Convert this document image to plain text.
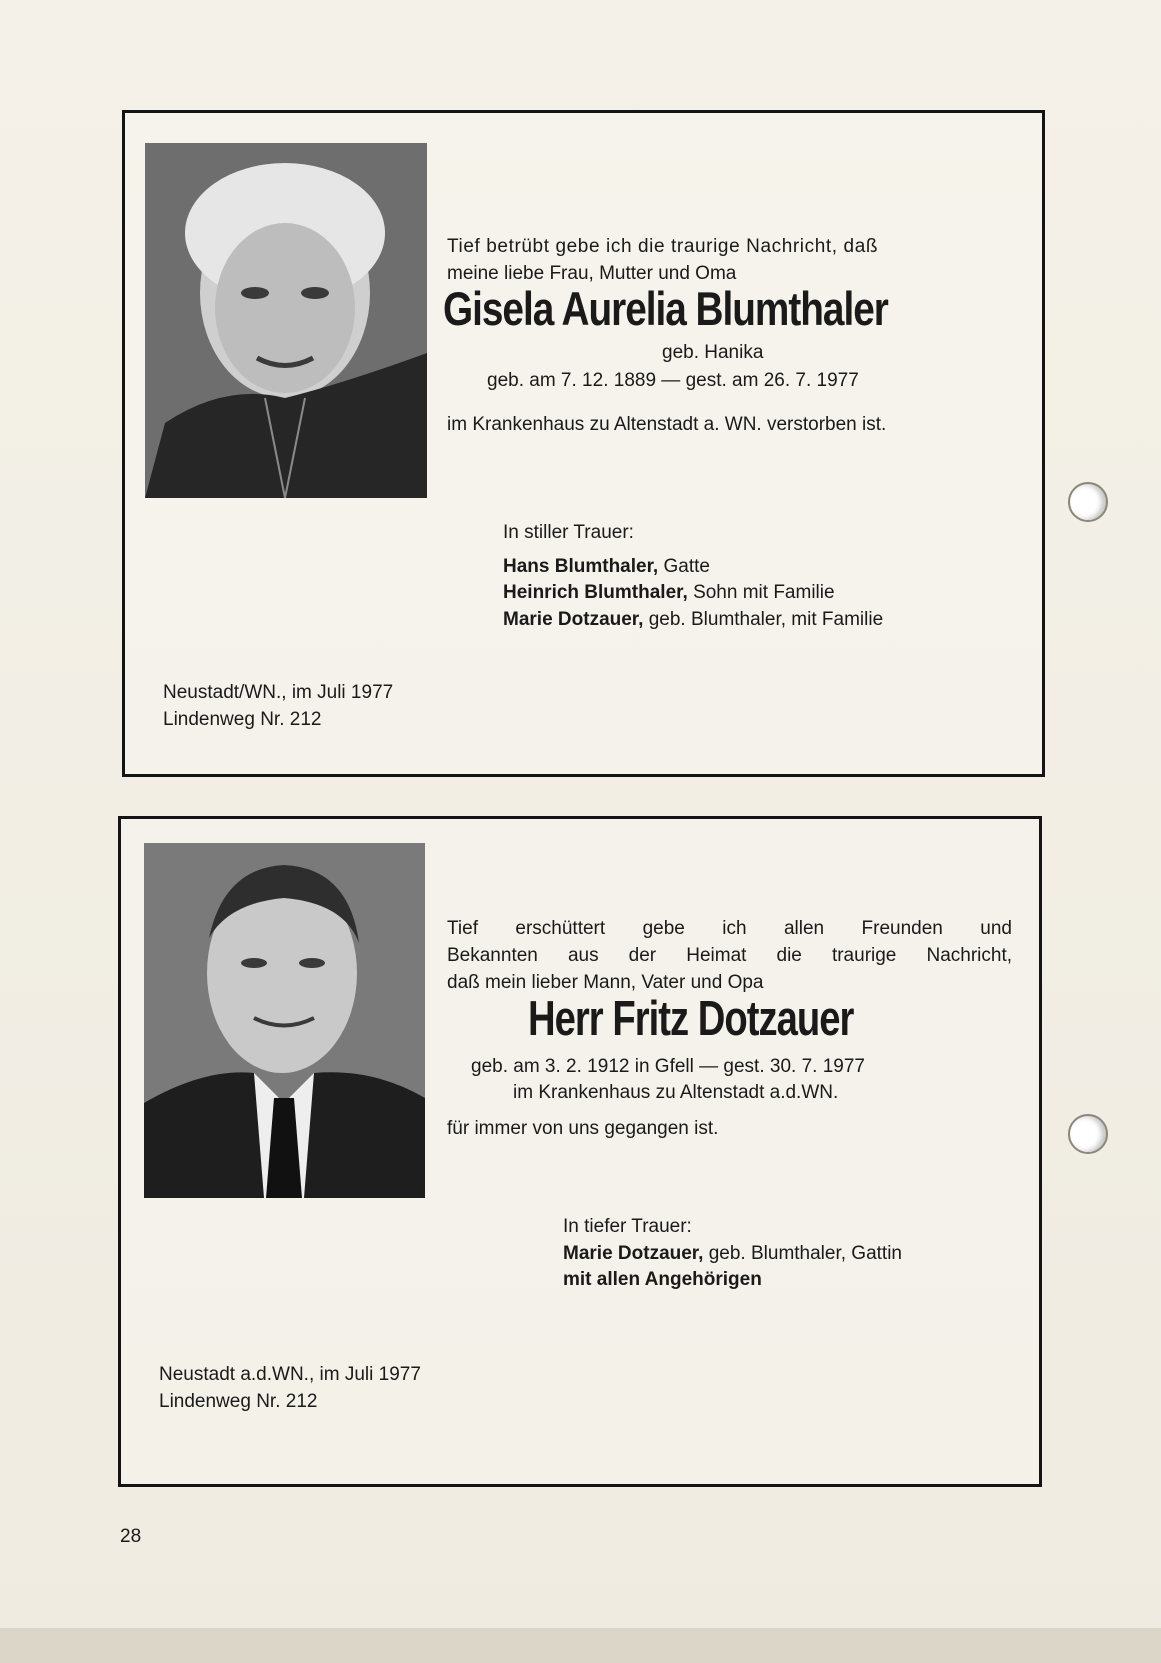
Tief betrübt gebe ich die traurige Nachricht, daß
meine liebe Frau, Mutter und Oma
Gisela Aurelia Blumthaler
geb. Hanika
geb. am 7. 12. 1889 — gest. am 26. 7. 1977
im Krankenhaus zu Altenstadt a. WN. verstorben ist.
In stiller Trauer:
Hans Blumthaler, Gatte
Heinrich Blumthaler, Sohn mit Familie
Marie Dotzauer, geb. Blumthaler, mit Familie
Neustadt/WN., im Juli 1977
Lindenweg Nr. 212
Tief erschüttert gebe ich allen Freunden und
Bekannten aus der Heimat die traurige Nachricht,
daß mein lieber Mann, Vater und Opa
Herr Fritz Dotzauer
geb. am 3. 2. 1912 in Gfell — gest. 30. 7. 1977
im Krankenhaus zu Altenstadt a.d.WN.
für immer von uns gegangen ist.
In tiefer Trauer:
Marie Dotzauer, geb. Blumthaler, Gattin
mit allen Angehörigen
Neustadt a.d.WN., im Juli 1977
Lindenweg Nr. 212
28
